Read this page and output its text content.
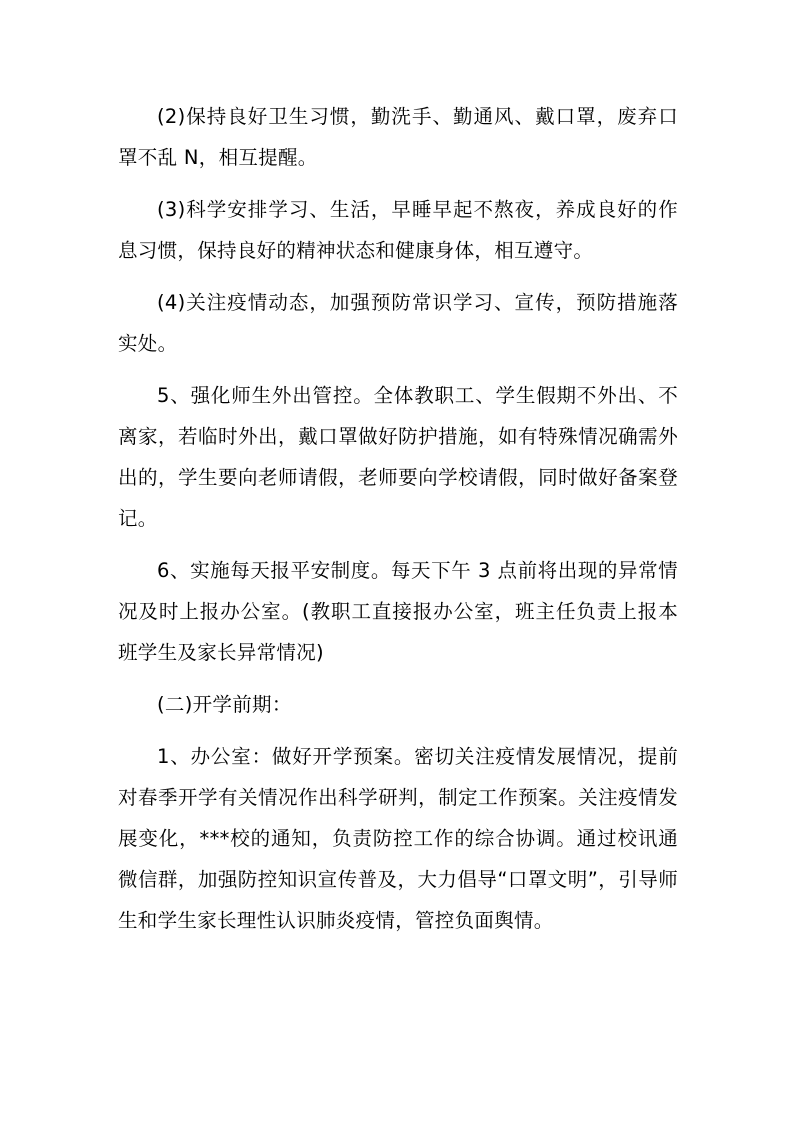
(2)保持良好卫生习惯，勤洗手、勤通风、戴口罩，废弃口罩不乱 N，相互提醒。

(3)科学安排学习、生活，早睡早起不熬夜，养成良好的作息习惯，保持良好的精神状态和健康身体，相互遵守。

(4)关注疫情动态，加强预防常识学习、宣传，预防措施落实处。

5、强化师生外出管控。全体教职工、学生假期不外出、不离家，若临时外出，戴口罩做好防护措施，如有特殊情况确需外出的，学生要向老师请假，老师要向学校请假，同时做好备案登记。

6、实施每天报平安制度。每天下午 3 点前将出现的异常情况及时上报办公室。(教职工直接报办公室，班主任负责上报本班学生及家长异常情况)

(二)开学前期：

1、办公室：做好开学预案。密切关注疫情发展情况，提前对春季开学有关情况作出科学研判，制定工作预案。关注疫情发展变化，***校的通知，负责防控工作的综合协调。通过校讯通微信群，加强防控知识宣传普及，大力倡导“口罩文明”，引导师生和学生家长理性认识肺炎疫情，管控负面舆情。
